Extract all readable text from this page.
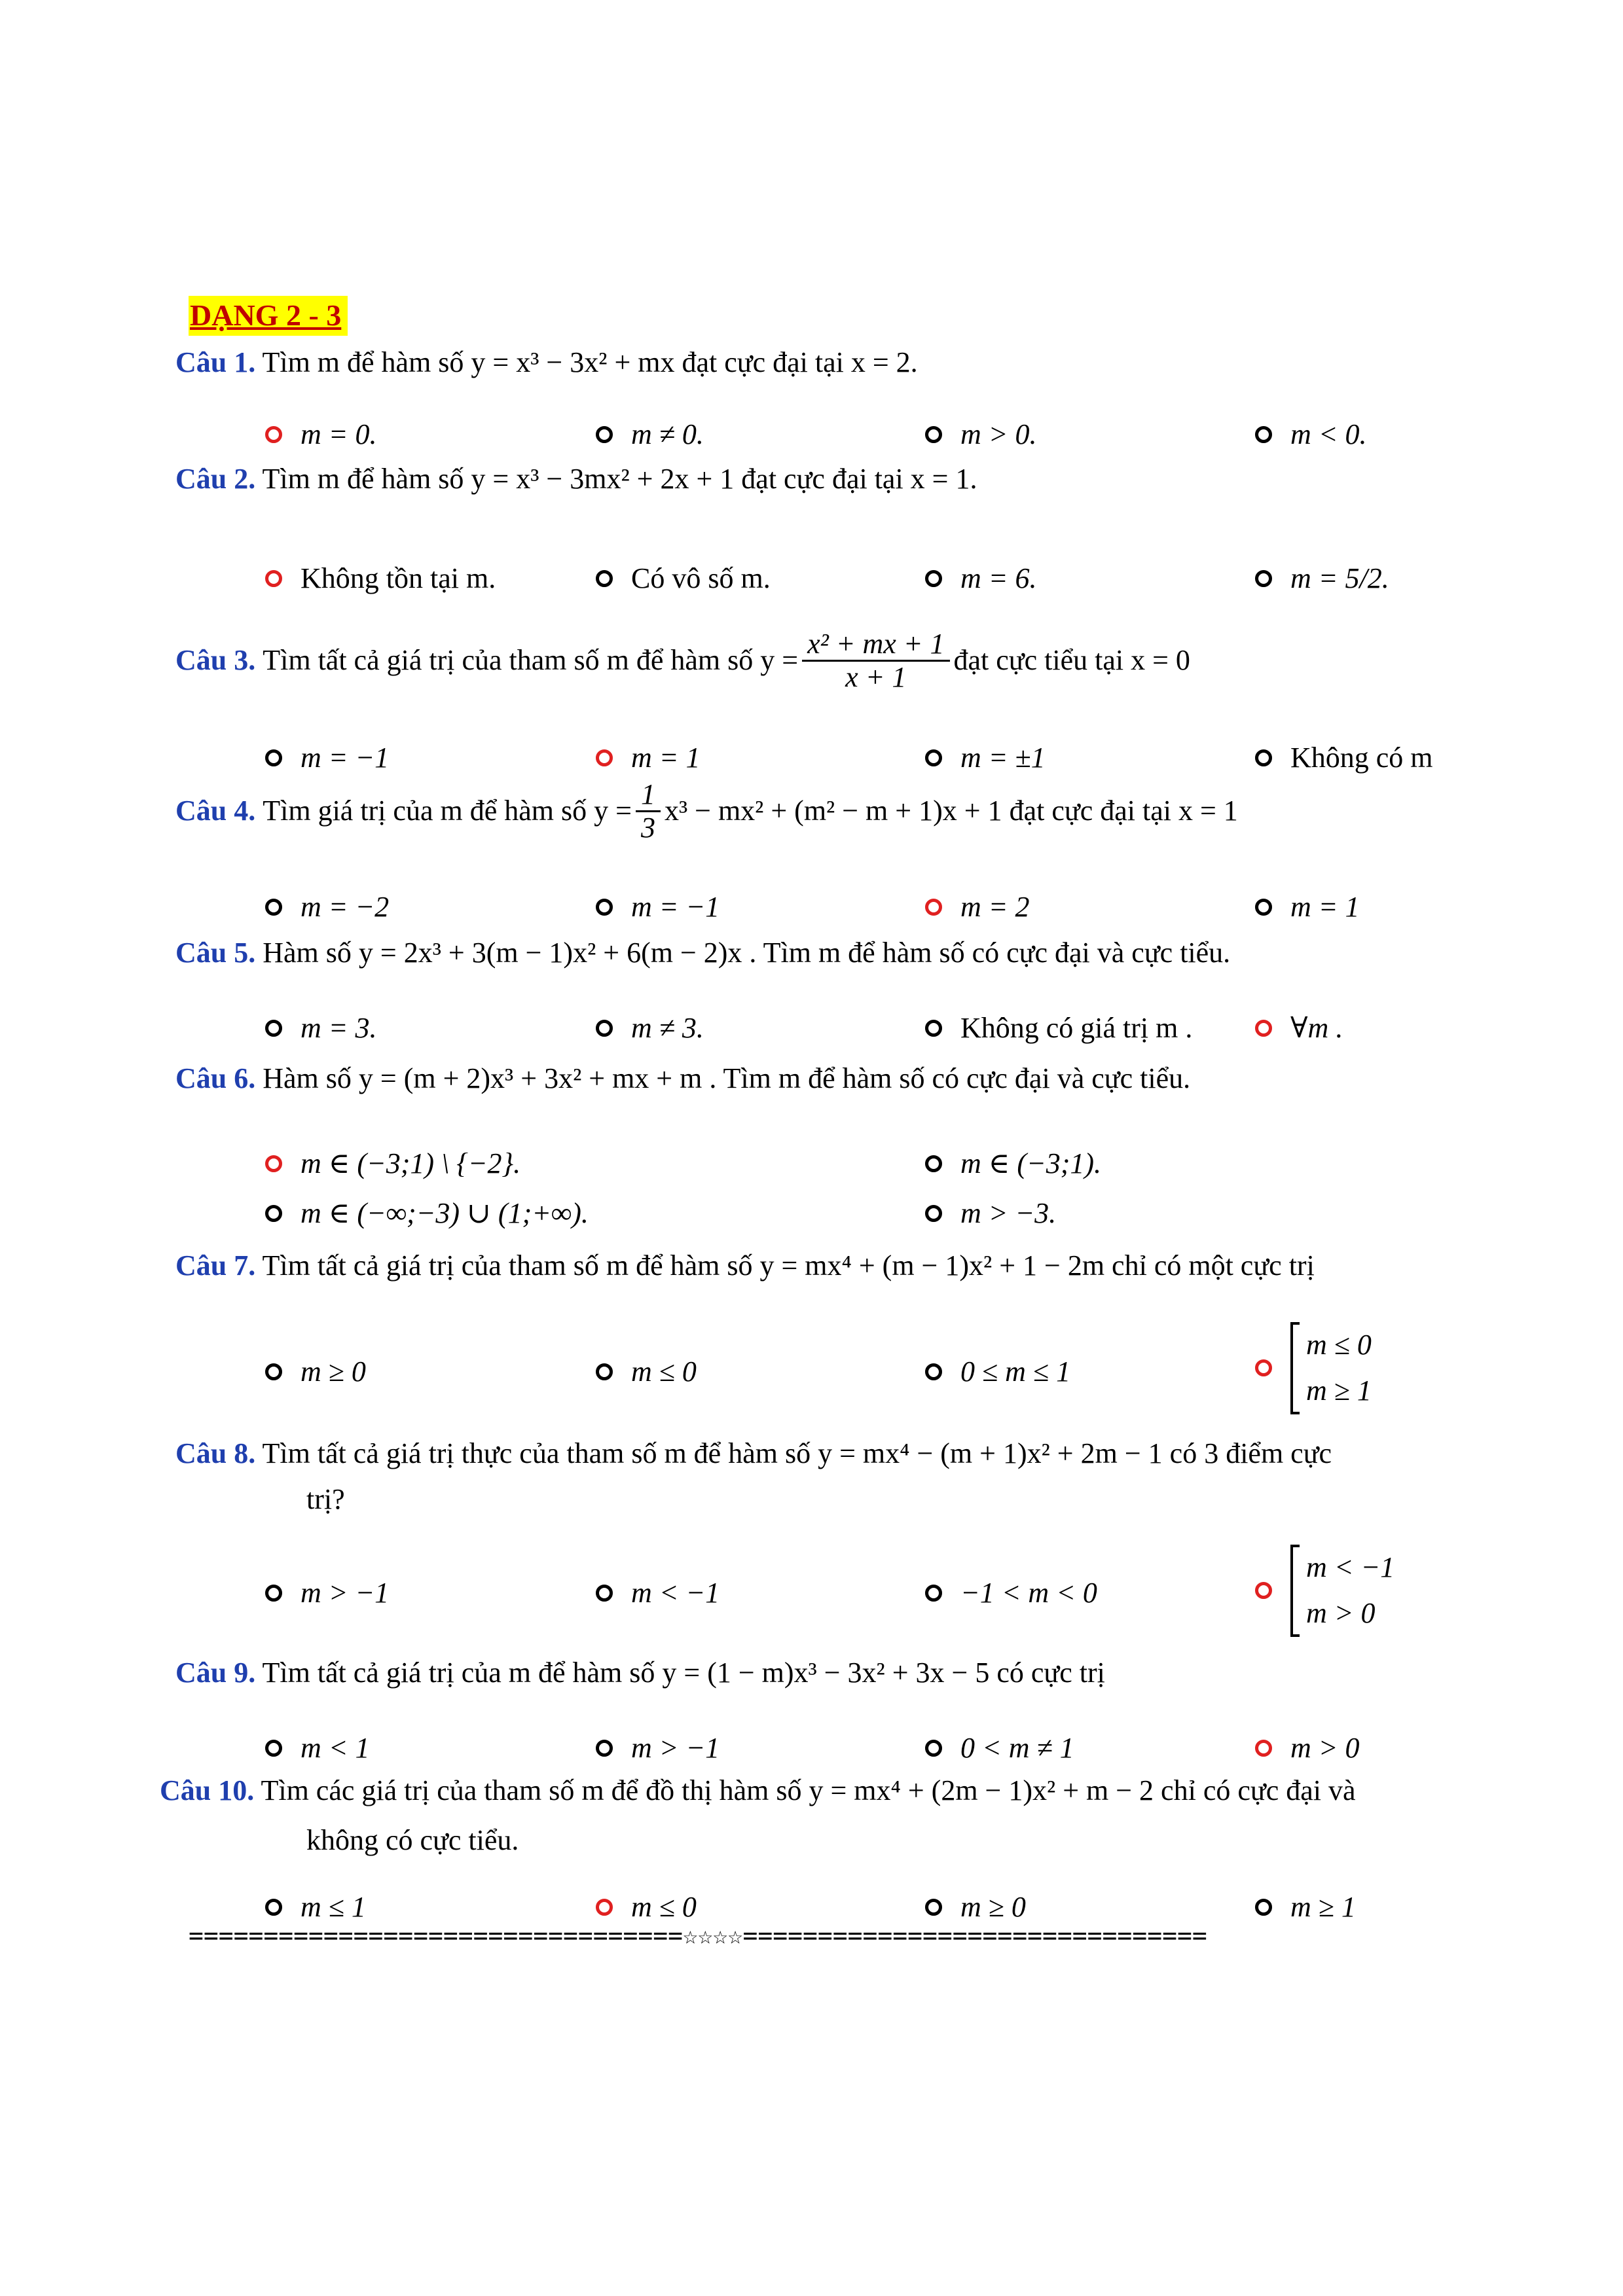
DẠNG 2 - 3
Câu 1. Tìm m để hàm số y = x³ − 3x² + mx đạt cực đại tại x = 2.
m = 0.	m ≠ 0.	m > 0.	m < 0.
Câu 2. Tìm m để hàm số y = x³ − 3mx² + 2x + 1 đạt cực đại tại x = 1.
Không tồn tại m.	Có vô số m.	m = 6.	m = 5/2.
Câu 3.
Tìm tất cả giá trị của tham số m để hàm số $y = \frac{\text{x² + mx + 1}}{x + 1}$ đạt cực tiểu tại x = 0
m = −1	m = 1	m = ±1	Không có m
Câu 4.
Tìm giá trị của m để hàm số $y = \frac{1}{3} x^3 - mx^2 + (m^2 - m + 1)x + 1$ đạt cực đại tại x = 1
m = −2	m = −1	m = 2	m = 1
Câu 5. Hàm số y = 2x³ + 3(m − 1)x² + 6(m − 2)x . Tìm m để hàm số có cực đại và cực tiểu.
m = 3.	m ≠ 3.	Không có giá trị m .	∀m .
Câu 6. Hàm số y = (m + 2)x³ + 3x² + mx + m . Tìm m để hàm số có cực đại và cực tiểu.
m ∈ (−3;1) \ {−2}.	m ∈ (−3;1).
m ∈ (−∞;−3) ∪ (1;+∞).	m > −3.
Câu 7. Tìm tất cả giá trị của tham số m để hàm số y = mx⁴ + (m − 1)x² + 1 − 2m chỉ có một cực trị
m ≥ 0	m ≤ 0	0 ≤ m ≤ 1
m ≤ 0
m ≥ 1
Câu 8. Tìm tất cả giá trị thực của tham số m để hàm số y = mx⁴ − (m + 1)x² + 2m − 1 có 3 điểm cực
trị?
m > −1	m < −1	−1 < m < 0
m < −1
m > 0
Câu 9. Tìm tất cả giá trị của m để hàm số y = (1 − m)x³ − 3x² + 3x − 5 có cực trị
m < 1	m > −1	0 < m ≠ 1	m > 0
Câu 10. Tìm các giá trị của tham số m để đồ thị hàm số y = mx⁴ + (2m − 1)x² + m − 2 chỉ có cực đại và
không có cực tiểu.
m ≤ 1	m ≤ 0	m ≥ 0	m ≥ 1
=================================☆☆☆☆===============================
